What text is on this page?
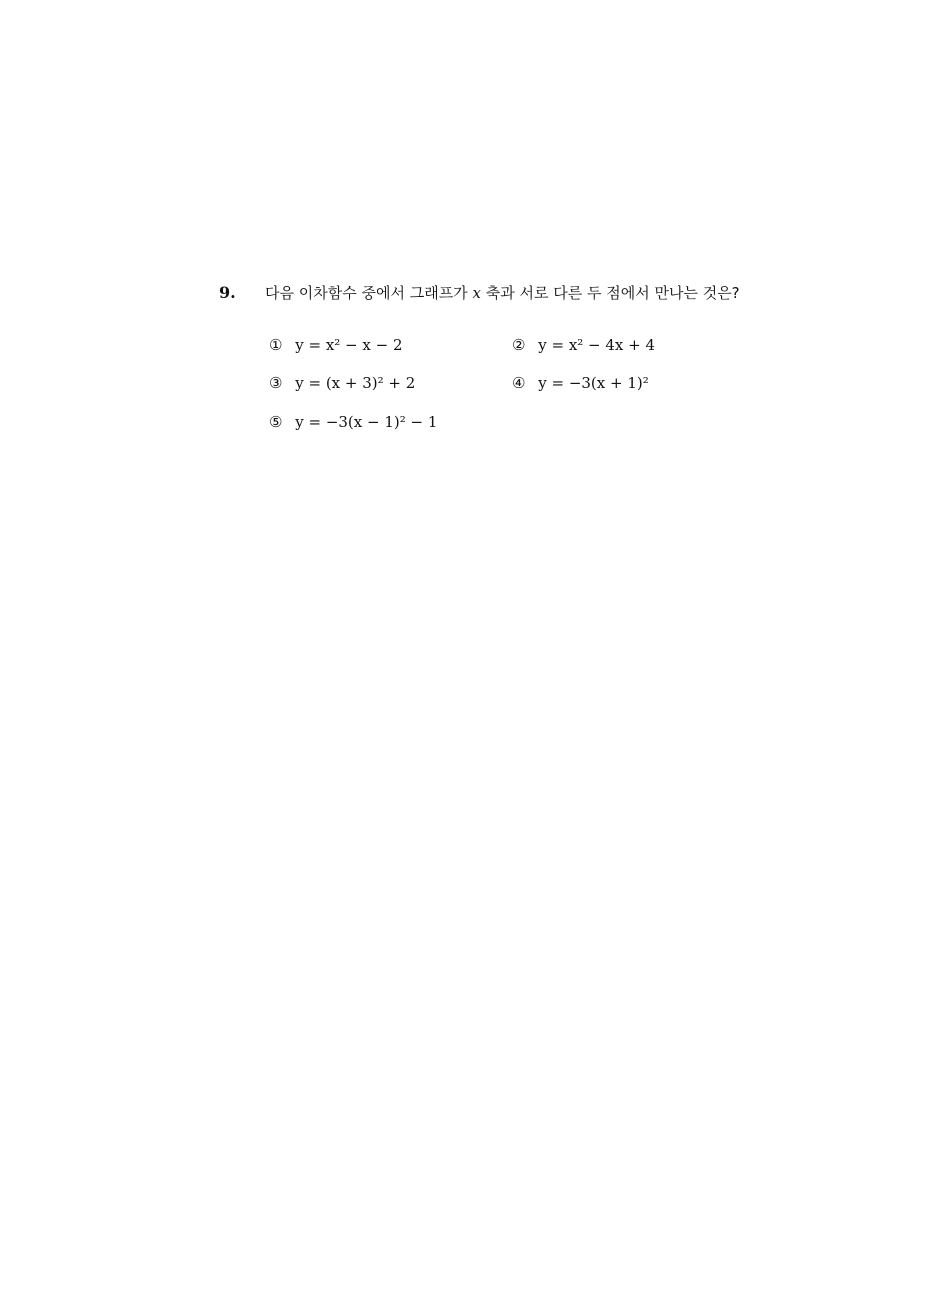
9. 다음 이차함수 중에서 그래프가 x 축과 서로 다른 두 점에서 만나는 것은?
① y = x² − x − 2	② y = x² − 4x + 4
③ y = (x + 3)² + 2	④ y = −3(x + 1)²
⑤ y = −3(x − 1)² − 1
